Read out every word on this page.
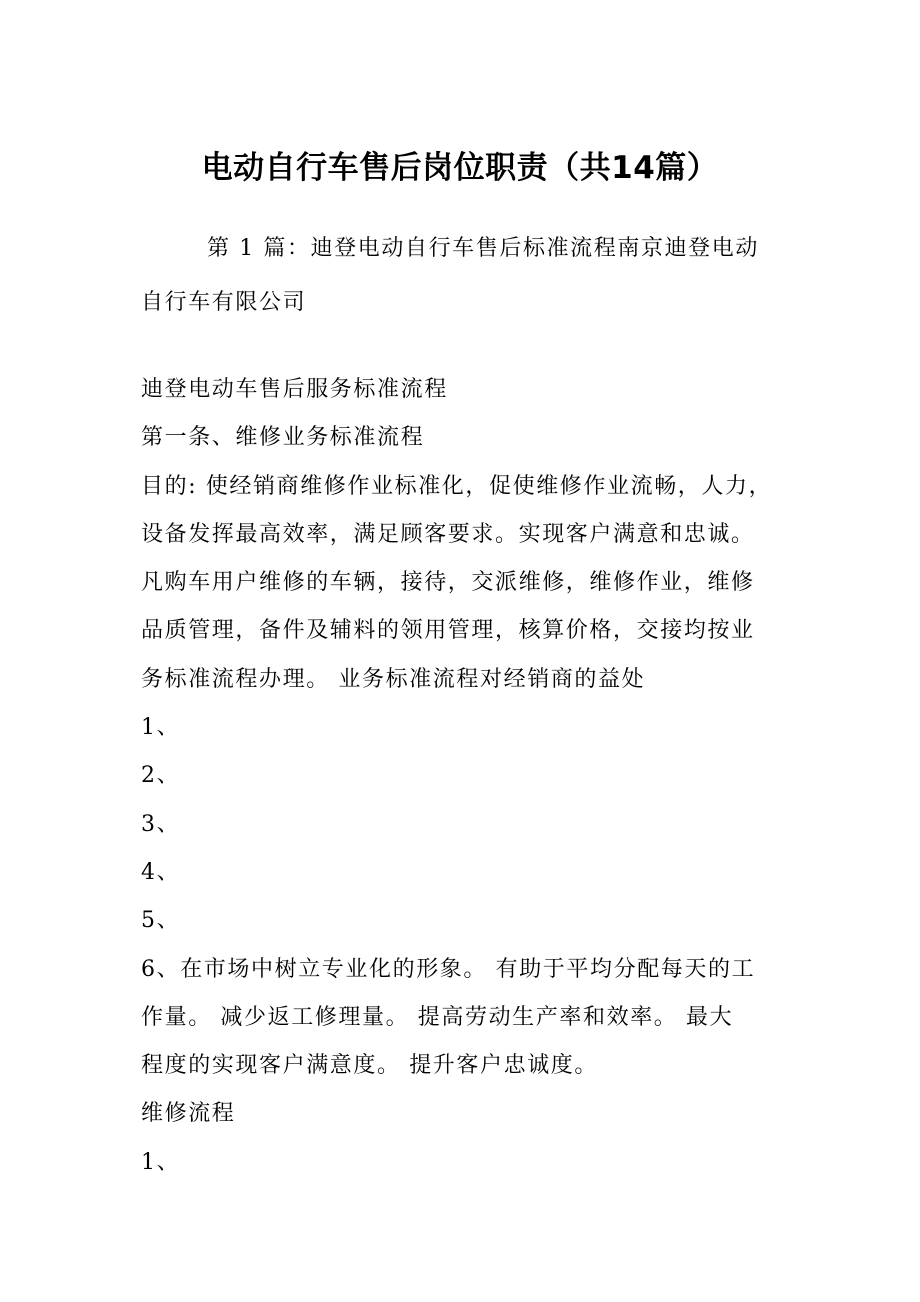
电动自行车售后岗位职责（共14篇）
第 1 篇：迪登电动自行车售后标准流程南京迪登电动
自行车有限公司
迪登电动车售后服务标准流程
第一条、维修业务标准流程
目的: 使经销商维修作业标准化，促使维修作业流畅，人力，
设备发挥最高效率，满足顾客要求。实现客户满意和忠诚。
凡购车用户维修的车辆，接待，交派维修，维修作业，维修
品质管理，备件及辅料的领用管理，核算价格，交接均按业
务标准流程办理。 业务标准流程对经销商的益处
1、
2、
3、
4、
5、
6、在市场中树立专业化的形象。 有助于平均分配每天的工
作量。 减少返工修理量。 提高劳动生产率和效率。 最大
程度的实现客户满意度。 提升客户忠诚度。
维修流程
1、
